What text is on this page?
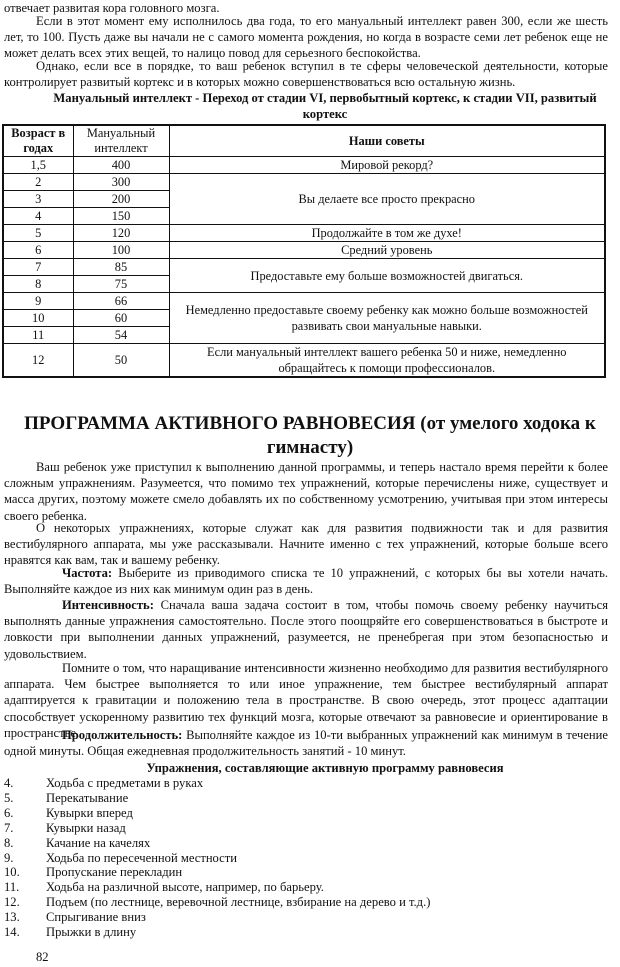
отвечает развитая кора головного мозга.

Если в этот момент ему исполнилось два года, то его мануальный интеллект равен 300, если же шесть лет, то 100. Пусть даже вы начали не с самого момента рождения, но когда в возрасте семи лет ребенок еще не может делать всех этих вещей, то налицо повод для серьезного беспокойства.

Однако, если все в порядке, то ваш ребенок вступил в те сферы человеческой деятельности, которые контролирует развитый кортекс и в которых можно совершенствоваться всю остальную жизнь.

Мануальный интеллект - Переход от стадии VI, первобытный кортекс, к стадии VII, развитый кортекс

Возраст в годах	Мануальный интеллект	Наши советы
1,5	400	Мировой рекорд?
2	300	Вы делаете все просто прекрасно
3	200	
4	150	
5	120	Продолжайте в том же духе!
6	100	Средний уровень
7	85	Предоставьте ему больше возможностей двигаться.
8	75	
9	66	Немедленно предоставьте своему ребенку как можно больше возможностей развивать свои мануальные навыки.
10	60	
11	54	
12	50	Если мануальный интеллект вашего ребенка 50 и ниже, немедленно обращайтесь к помощи профессионалов.
ПРОГРАММА АКТИВНОГО РАВНОВЕСИЯ (от умелого ходока к гимнасту)

Ваш ребенок уже приступил к выполнению данной программы, и теперь настало время перейти к более сложным упражнениям. Разумеется, что помимо тех упражнений, которые перечислены ниже, существует и масса других, поэтому можете смело добавлять их по собственному усмотрению, учитывая при этом интересы своего ребенка.

О некоторых упражнениях, которые служат как для развития подвижности так и для развития вестибулярного аппарата, мы уже рассказывали. Начните именно с тех упражнений, которые больше всего нравятся как вам, так и вашему ребенку.

Частота: Выберите из приводимого списка те 10 упражнений, с которых бы вы хотели начать. Выполняйте каждое из них как минимум один раз в день.

Интенсивность: Сначала ваша задача состоит в том, чтобы помочь своему ребенку научиться выполнять данные упражнения самостоятельно. После этого поощряйте его совершенствоваться в быстроте и ловкости при выполнении данных упражнений, разумеется, не пренебрегая при этом безопасностью и удовольствием.

Помните о том, что наращивание интенсивности жизненно необходимо для развития вестибулярного аппарата. Чем быстрее выполняется то или иное упражнение, тем быстрее вестибулярный аппарат адаптируется к гравитации и положению тела в пространстве. В свою очередь, этот процесс адаптации способствует ускоренному развитию тех функций мозга, которые отвечают за равновесие и ориентирование в пространстве.

Продолжительность: Выполняйте каждое из 10-ти выбранных упражнений как минимум в течение одной минуты. Общая ежедневная продолжительность занятий - 10 минут.

Упражнения, составляющие активную программу равновесия

4.	Ходьба с предметами в руках
5.	Перекатывание
6.	Кувырки вперед
7.	Кувырки назад
8.	Качание на качелях
9.	Ходьба по пересеченной местности
10.	Пропускание перекладин
11.	Ходьба на различной высоте, например, по барьеру.
12.	Подъем (по лестнице, веревочной лестнице, взбирание на дерево и т.д.)
13.	Спрыгивание вниз
14.	Прыжки в длину
82
